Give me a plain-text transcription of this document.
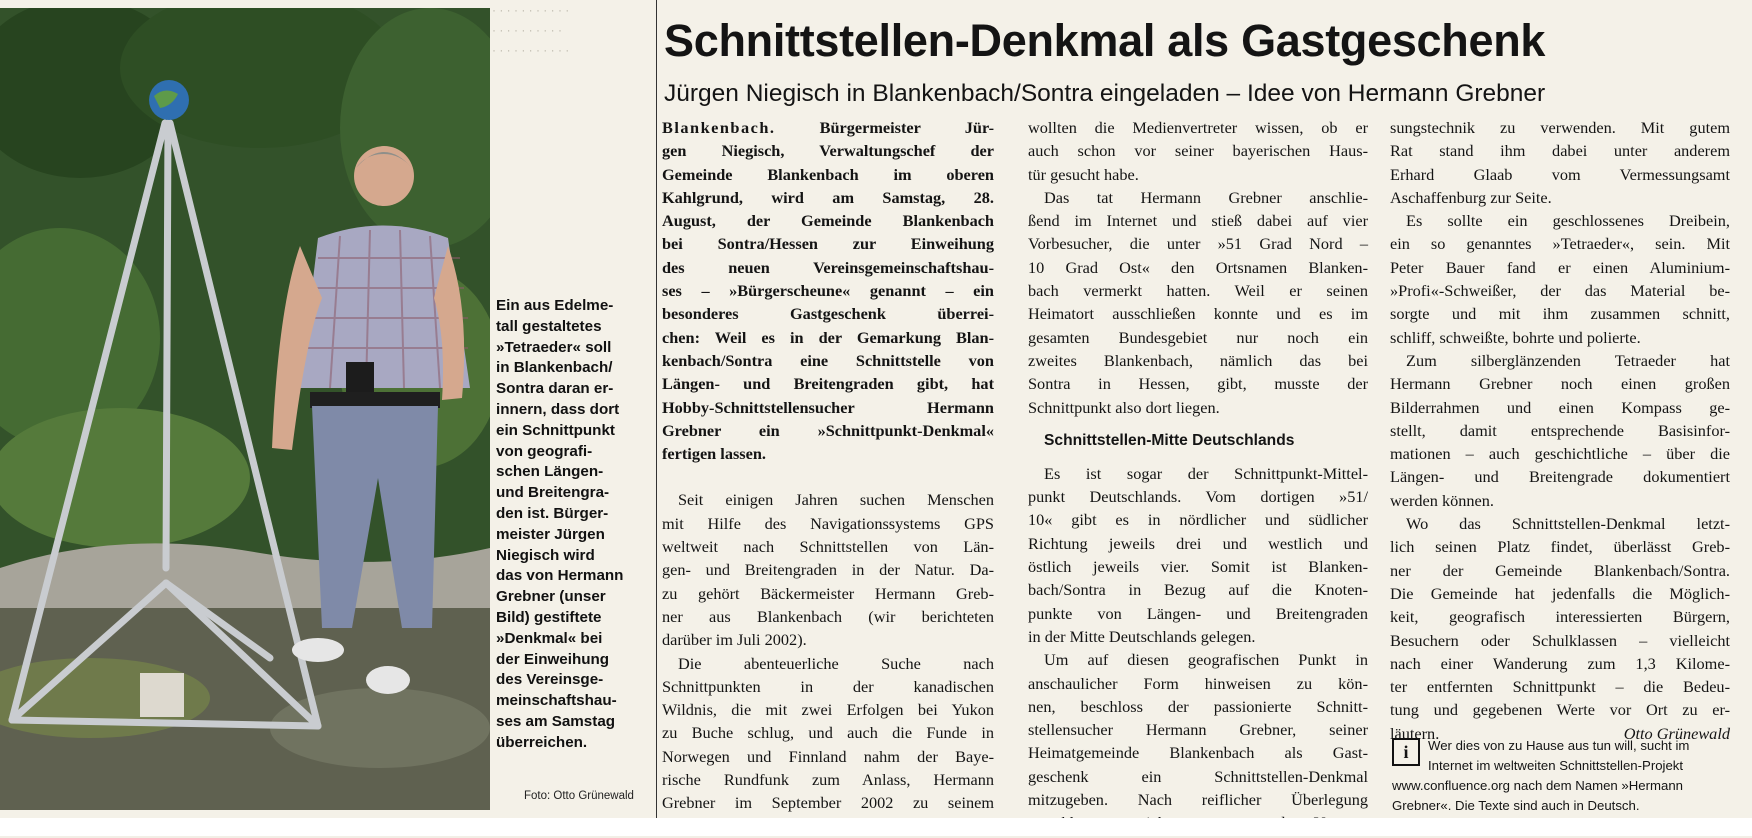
· · · · · · · · · · ·
· · · · · · · · · ·
· · · · · · · · · · ·
Ein aus Edelme-
tall gestaltetes
»Tetraeder« soll
in Blankenbach/
Sontra daran er-
innern, dass dort
ein Schnittpunkt
von geografi-
schen Längen-
und Breitengra-
den ist. Bürger-
meister Jürgen
Niegisch wird
das von Hermann
Grebner (unser
Bild) gestiftete
»Denkmal« bei
der Einweihung
des Vereinsge-
meinschaftshau-
ses am Samstag
überreichen.
Foto: Otto Grünewald
Schnittstellen-Denkmal als Gastgeschenk
Jürgen Niegisch in Blankenbach/Sontra eingeladen – Idee von Hermann Grebner

Blankenbach. Bürgermeister Jür-
gen Niegisch, Verwaltungschef der
Gemeinde Blankenbach im oberen
Kahlgrund, wird am Samstag, 28.
August, der Gemeinde Blankenbach
bei Sontra/Hessen zur Einweihung
des neuen Vereinsgemeinschaftshau-
ses – »Bürgerscheune« genannt – ein
besonderes Gastgeschenk überrei-
chen: Weil es in der Gemarkung Blan-
kenbach/Sontra eine Schnittstelle von
Längen- und Breitengraden gibt, hat
Hobby-Schnittstellensucher Hermann
Grebner ein »Schnittpunkt-Denkmal«
fertigen lassen.

Seit einigen Jahren suchen Menschen
mit Hilfe des Navigationssystems GPS
weltweit nach Schnittstellen von Län-
gen- und Breitengraden in der Natur. Da-
zu gehört Bäckermeister Hermann Greb-
ner aus Blankenbach (wir berichteten
darüber im Juli 2002).

Die abenteuerliche Suche nach
Schnittpunkten in der kanadischen
Wildnis, die mit zwei Erfolgen bei Yukon
zu Buche schlug, und auch die Funde in
Norwegen und Finnland nahm der Baye-
rische Rundfunk zum Anlass, Hermann
Grebner im September 2002 zu seinem

wollten die Medienvertreter wissen, ob er
auch schon vor seiner bayerischen Haus-
tür gesucht habe.

Das tat Hermann Grebner anschlie-
ßend im Internet und stieß dabei auf vier
Vorbesucher, die unter »51 Grad Nord –
10 Grad Ost« den Ortsnamen Blanken-
bach vermerkt hatten. Weil er seinen
Heimatort ausschließen konnte und es im
gesamten Bundesgebiet nur noch ein
zweites Blankenbach, nämlich das bei
Sontra in Hessen, gibt, musste der
Schnittpunkt also dort liegen.

Schnittstellen-Mitte Deutschlands

Es ist sogar der Schnittpunkt-Mittel-
punkt Deutschlands. Vom dortigen »51/
10« gibt es in nördlicher und südlicher
Richtung jeweils drei und westlich und
östlich jeweils vier. Somit ist Blanken-
bach/Sontra in Bezug auf die Knoten-
punkte von Längen- und Breitengraden
in der Mitte Deutschlands gelegen.

Um auf diesen geografischen Punkt in
anschaulicher Form hinweisen zu kön-
nen, beschloss der passionierte Schnitt-
stellensucher Hermann Grebner, seiner
Heimatgemeinde Blankenbach als Gast-
geschenk ein Schnittstellen-Denkmal
mitzugeben. Nach reiflicher Überlegung

sungstechnik zu verwenden. Mit gutem
Rat stand ihm dabei unter anderem
Erhard Glaab vom Vermessungsamt
Aschaffenburg zur Seite.

Es sollte ein geschlossenes Dreibein,
ein so genanntes »Tetraeder«, sein. Mit
Peter Bauer fand er einen Aluminium-
»Profi«-Schweißer, der das Material be-
sorgte und mit ihm zusammen schnitt,
schliff, schweißte, bohrte und polierte.

Zum silberglänzenden Tetraeder hat
Hermann Grebner noch einen großen
Bilderrahmen und einen Kompass ge-
stellt, damit entsprechende Basisinfor-
mationen – auch geschichtliche – über die
Längen- und Breitengrade dokumentiert
werden können.

Wo das Schnittstellen-Denkmal letzt-
lich seinen Platz findet, überlässt Greb-
ner der Gemeinde Blankenbach/Sontra.
Die Gemeinde hat jedenfalls die Möglich-
keit, geografisch interessierten Bürgern,
Besuchern oder Schulklassen – vielleicht
nach einer Wanderung zum 1,3 Kilome-
ter entfernten Schnittpunkt – die Bedeu-
tung und gegebenen Werte vor Ort zu er-
läutern.	Otto Grünewald

i	Wer dies von zu Hause aus tun will, sucht im
Internet im weltweiten Schnittstellen-Projekt
www.confluence.org nach dem Namen »Hermann
Grebner«. Die Texte sind auch in Deutsch.
